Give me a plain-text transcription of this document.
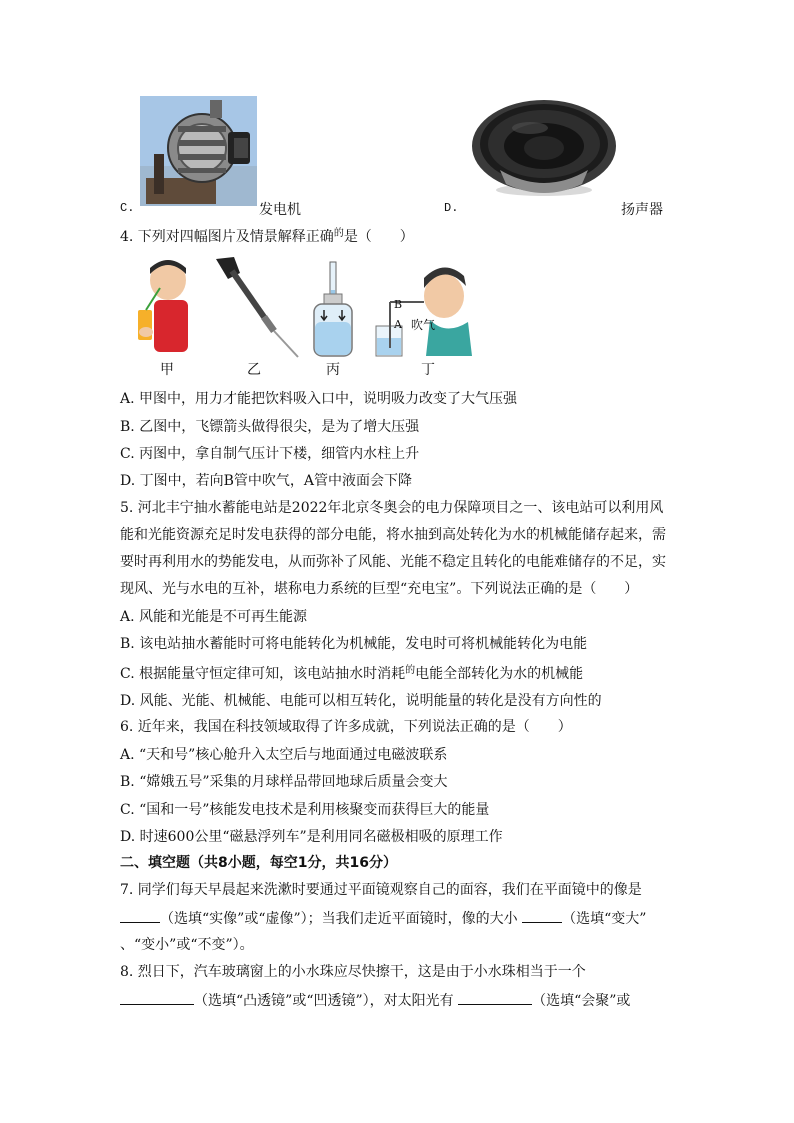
C.	发电机	D.	扬声器
4. 下列对四幅图片及情景解释正确$^的$是（　　）
B
A 吹气
甲	乙	丙	丁
A. 甲图中，用力才能把饮料吸入口中，说明吸力改变了大气压强
B. 乙图中，飞镖箭头做得很尖，是为了增大压强
C. 丙图中，拿自制气压计下楼，细管内水柱上升
D. 丁图中，若向B管中吹气，A管中液面会下降
5. 河北丰宁抽水蓄能电站是2022年北京冬奥会的电力保障项目之一、该电站可以利用风
能和光能资源充足时发电获得的部分电能，将水抽到高处转化为水的机械能储存起来，需
要时再利用水的势能发电，从而弥补了风能、光能不稳定且转化的电能难储存的不足，实
现风、光与水电的互补，堪称电力系统的巨型“充电宝”。下列说法正确的是（　　）
A. 风能和光能是不可再生能源
B. 该电站抽水蓄能时可将电能转化为机械能，发电时可将机械能转化为电能
C. 根据能量守恒定律可知，该电站抽水时消耗$^的$电能全部转化为水的机械能
D. 风能、光能、机械能、电能可以相互转化，说明能量的转化是没有方向性的
6. 近年来，我国在科技领域取得了许多成就，下列说法正确的是（　　）
A. “天和号”核心舱升入太空后与地面通过电磁波联系
B. “嫦娥五号”采集的月球样品带回地球后质量会变大
C. “国和一号”核能发电技术是利用核聚变而获得巨大的能量
D. 时速600公里“磁悬浮列车”是利用同名磁极相吸的原理工作
二、填空题（共8小题，每空1分，共16分）
7. 同学们每天早晨起来洗漱时要通过平面镜观察自己的面容，我们在平面镜中的像是
（选填“实像”或“虚像”）；当我们走近平面镜时，像的大小	（选填“变大”
、“变小”或“不变”）。
8. 烈日下，汽车玻璃窗上的小水珠应尽快擦干，这是由于小水珠相当于一个
（选填“凸透镜”或“凹透镜”），对太阳光有	（选填“会聚”或
